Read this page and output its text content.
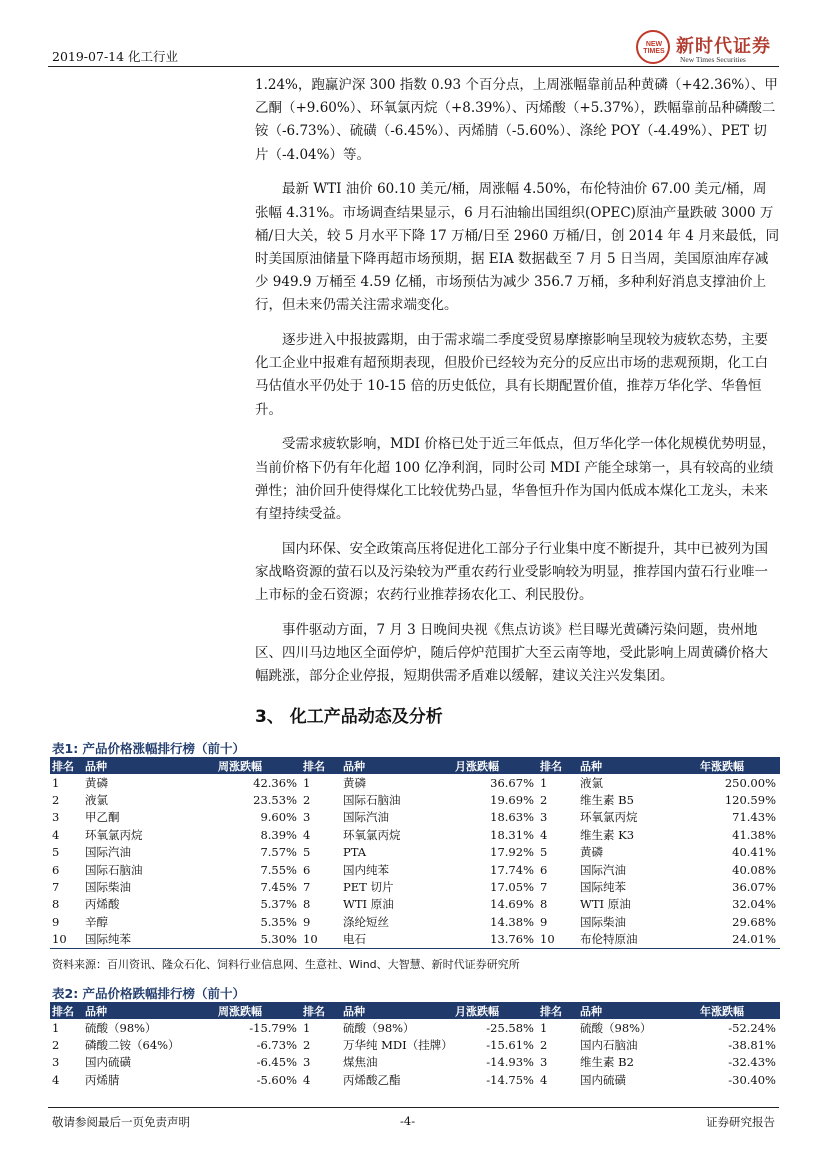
2019-07-14 化工行业
NEW TIMES 新时代证券
New Times Securities

1.24%，跑赢沪深 300 指数 0.93 个百分点，上周涨幅靠前品种黄磷（+42.36%）、甲乙酮（+9.60%）、环氧氯丙烷（+8.39%）、丙烯酸（+5.37%），跌幅靠前品种磷酸二铵（-6.73%）、硫磺（-6.45%）、丙烯腈（-5.60%）、涤纶 POY（-4.49%）、PET 切片（-4.04%）等。

最新 WTI 油价 60.10 美元/桶，周涨幅 4.50%，布伦特油价 67.00 美元/桶，周张幅 4.31%。市场调查结果显示，6 月石油输出国组织(OPEC)原油产量跌破 3000 万桶/日大关，较 5 月水平下降 17 万桶/日至 2960 万桶/日，创 2014 年 4 月来最低，同时美国原油储量下降再超市场预期，据 EIA 数据截至 7 月 5 日当周，美国原油库存减少 949.9 万桶至 4.59 亿桶，市场预估为减少 356.7 万桶，多种利好消息支撑油价上行，但未来仍需关注需求端变化。

逐步进入中报披露期，由于需求端二季度受贸易摩擦影响呈现较为疲软态势，主要化工企业中报难有超预期表现，但股价已经较为充分的反应出市场的悲观预期，化工白马估值水平仍处于 10-15 倍的历史低位，具有长期配置价值，推荐万华化学、华鲁恒升。

受需求疲软影响，MDI 价格已处于近三年低点，但万华化学一体化规模优势明显，当前价格下仍有年化超 100 亿净利润，同时公司 MDI 产能全球第一，具有较高的业绩弹性；油价回升使得煤化工比较优势凸显，华鲁恒升作为国内低成本煤化工龙头，未来有望持续受益。

国内环保、安全政策高压将促进化工部分子行业集中度不断提升，其中已被列为国家战略资源的萤石以及污染较为严重农药行业受影响较为明显，推荐国内萤石行业唯一上市标的金石资源；农药行业推荐扬农化工、利民股份。

事件驱动方面，7 月 3 日晚间央视《焦点访谈》栏目曝光黄磷污染问题，贵州地区、四川马边地区全面停炉，随后停炉范围扩大至云南等地，受此影响上周黄磷价格大幅跳涨，部分企业停报，短期供需矛盾难以缓解，建议关注兴发集团。

3、 化工产品动态及分析
表1: 产品价格涨幅排行榜（前十）
排名	品种	周涨跌幅	排名	品种	月涨跌幅	排名	品种	年涨跌幅
1	黄磷	42.36%	1	黄磷	36.67%	1	液氯	250.00%
2	液氯	23.53%	2	国际石脑油	19.69%	2	维生素 B5	120.59%
3	甲乙酮	9.60%	3	国际汽油	18.63%	3	环氧氯丙烷	71.43%
4	环氧氯丙烷	8.39%	4	环氧氯丙烷	18.31%	4	维生素 K3	41.38%
5	国际汽油	7.57%	5	PTA	17.92%	5	黄磷	40.41%
6	国际石脑油	7.55%	6	国内纯苯	17.74%	6	国际汽油	40.08%
7	国际柴油	7.45%	7	PET 切片	17.05%	7	国际纯苯	36.07%
8	丙烯酸	5.37%	8	WTI 原油	14.69%	8	WTI 原油	32.04%
9	辛醇	5.35%	9	涤纶短丝	14.38%	9	国际柴油	29.68%
10	国际纯苯	5.30%	10	电石	13.76%	10	布伦特原油	24.01%
资料来源：百川资讯、隆众石化、饲料行业信息网、生意社、Wind、大智慧、新时代证券研究所
表2: 产品价格跌幅排行榜（前十）
排名	品种	周涨跌幅	排名	品种	月涨跌幅	排名	品种	年涨跌幅
1	硫酸（98%）	-15.79%	1	硫酸（98%）	-25.58%	1	硫酸（98%）	-52.24%
2	磷酸二铵（64%）	-6.73%	2	万华纯 MDI（挂牌）	-15.61%	2	国内石脑油	-38.81%
3	国内硫磺	-6.45%	3	煤焦油	-14.93%	3	维生素 B2	-32.43%
4	丙烯腈	-5.60%	4	丙烯酸乙酯	-14.75%	4	国内硫磺	-30.40%
敬请参阅最后一页免责声明	-4-	证券研究报告
